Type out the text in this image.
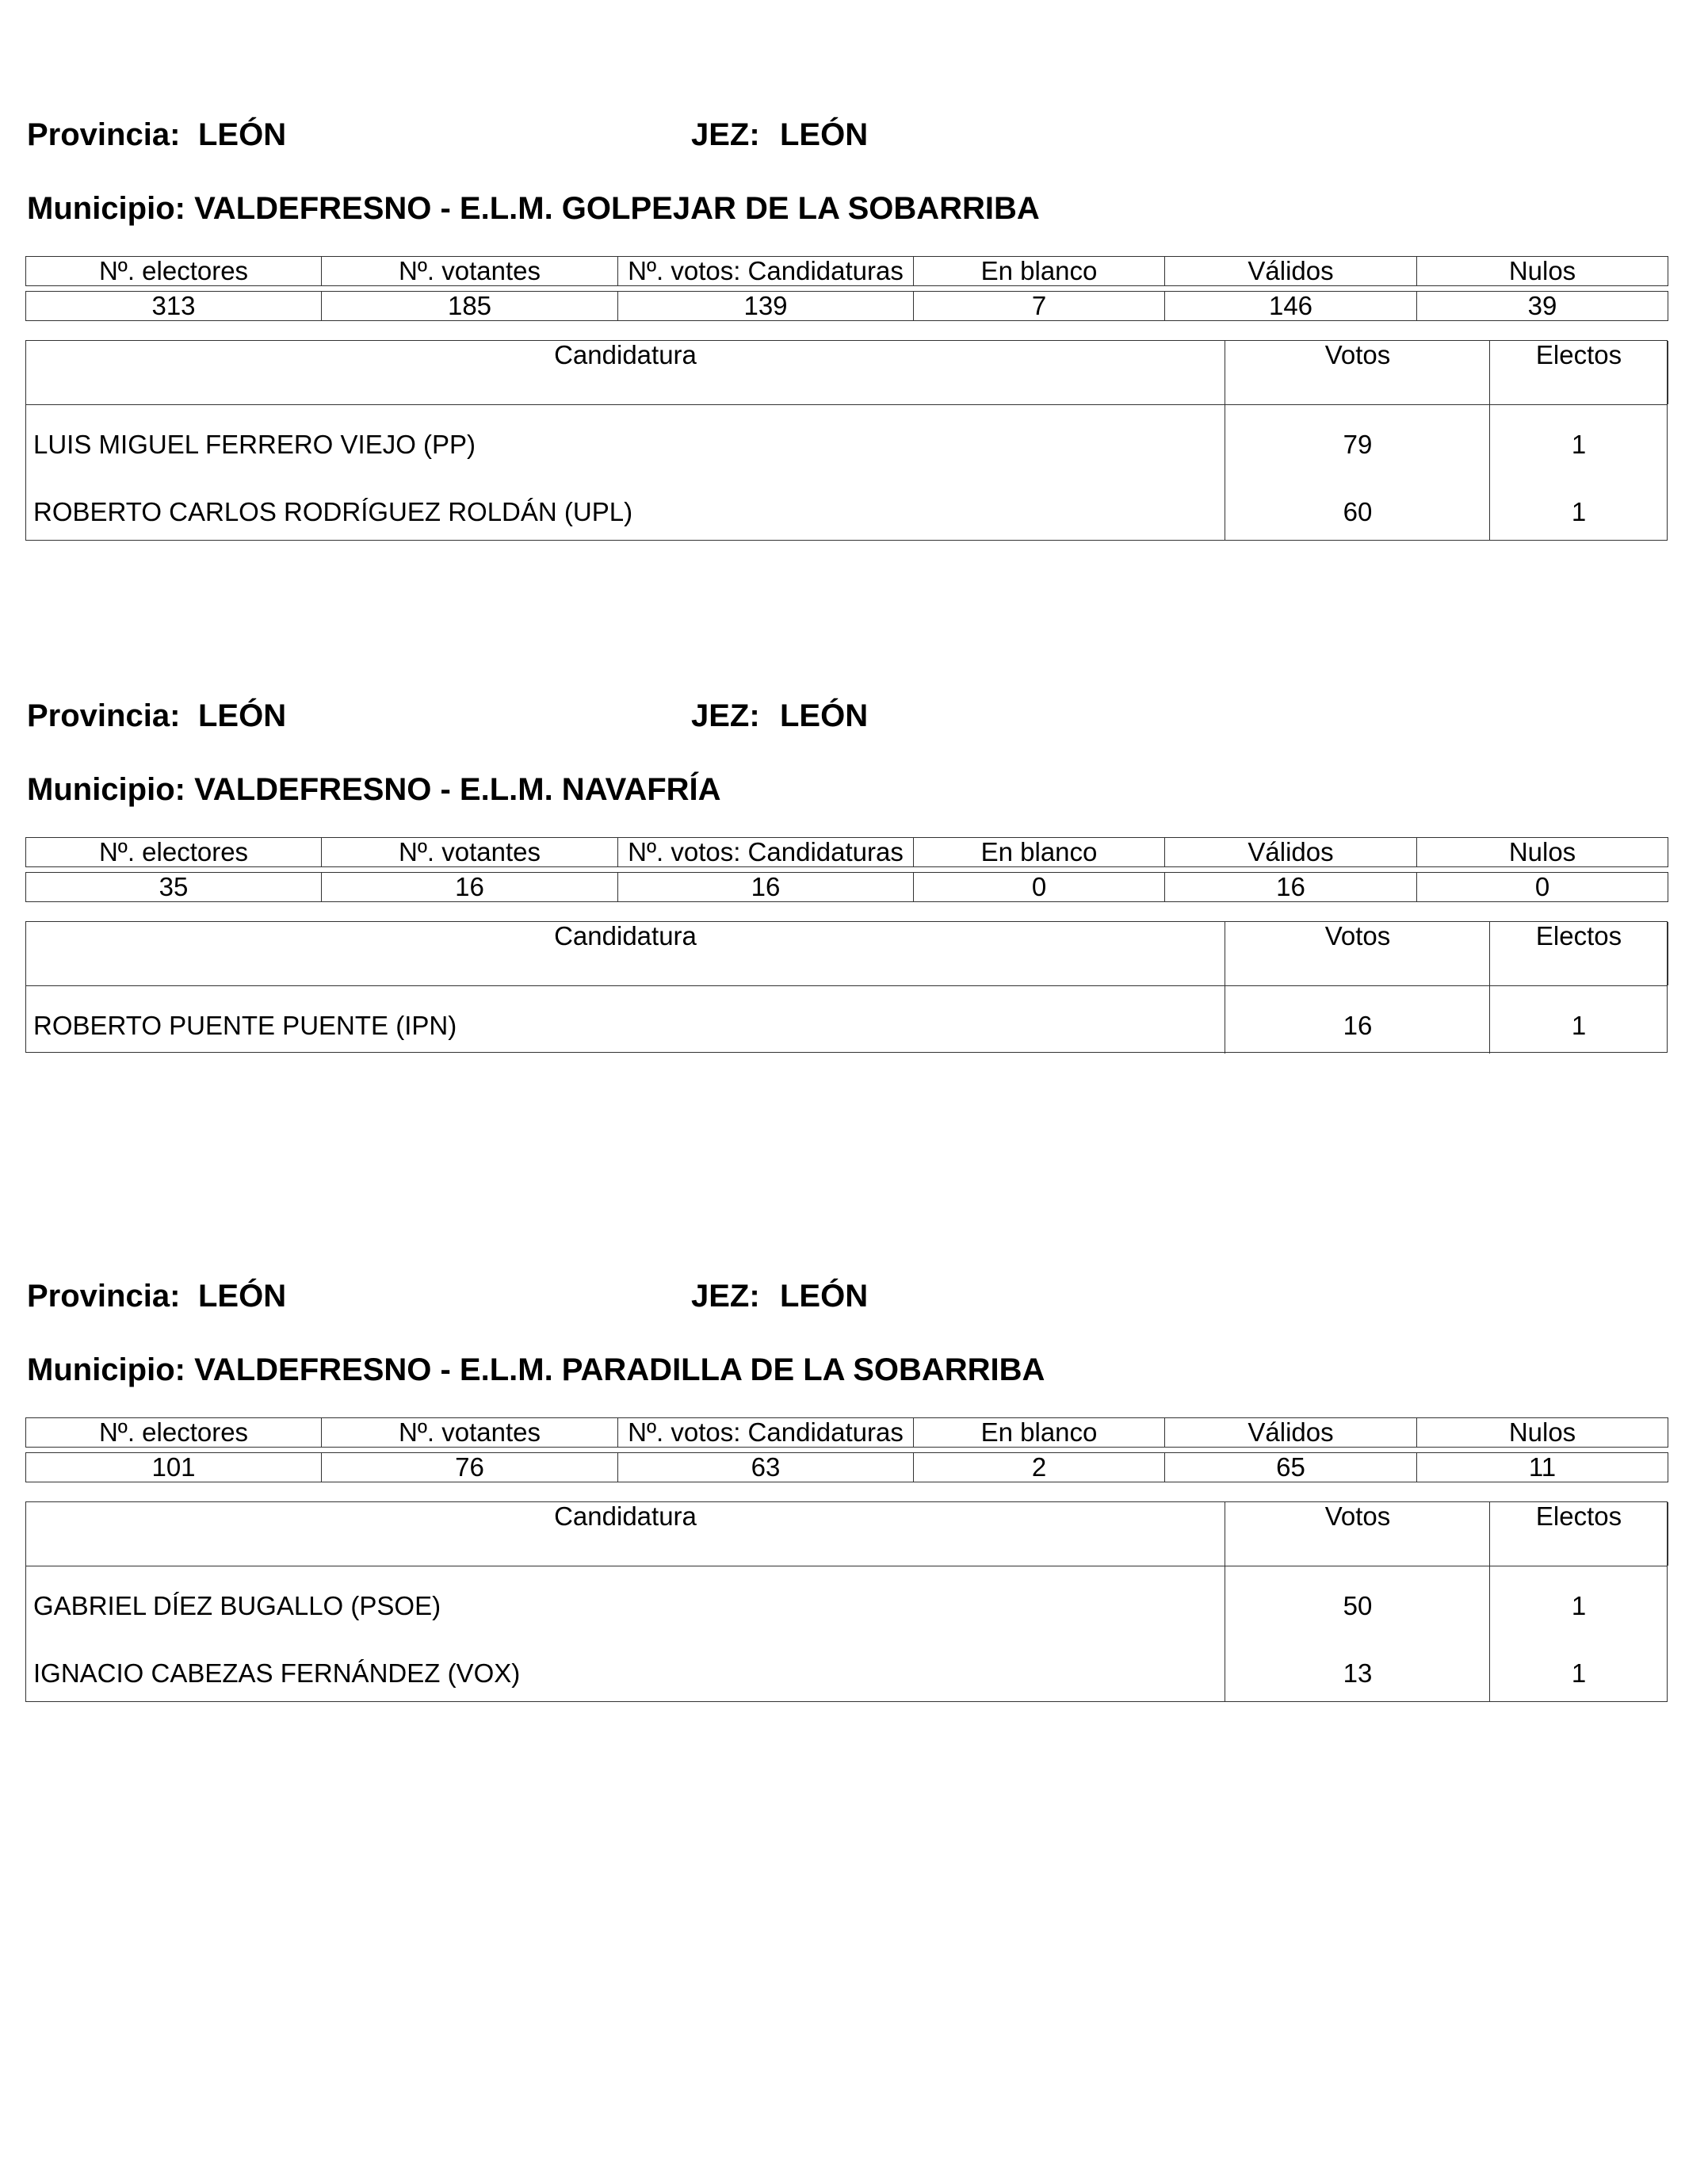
Provincia: LEÓN	JEZ: LEÓN
Municipio: VALDEFRESNO - E.L.M. GOLPEJAR DE LA SOBARRIBA
Nº. electores	Nº. votantes	Nº. votos: Candidaturas	En blanco	Válidos	Nulos

313	185	139	7	146	39
Candidatura	Votos	Electos
LUIS MIGUEL FERRERO VIEJO (PP)	79	1
ROBERTO CARLOS RODRÍGUEZ ROLDÁN (UPL)	60	1
Provincia: LEÓN	JEZ: LEÓN
Municipio: VALDEFRESNO - E.L.M. NAVAFRÍA
Nº. electores	Nº. votantes	Nº. votos: Candidaturas	En blanco	Válidos	Nulos

35	16	16	0	16	0
Candidatura	Votos	Electos
ROBERTO PUENTE PUENTE (IPN)	16	1
Provincia: LEÓN	JEZ: LEÓN
Municipio: VALDEFRESNO - E.L.M. PARADILLA DE LA SOBARRIBA
Nº. electores	Nº. votantes	Nº. votos: Candidaturas	En blanco	Válidos	Nulos

101	76	63	2	65	11
Candidatura	Votos	Electos
GABRIEL DÍEZ BUGALLO (PSOE)	50	1
IGNACIO CABEZAS FERNÁNDEZ (VOX)	13	1
